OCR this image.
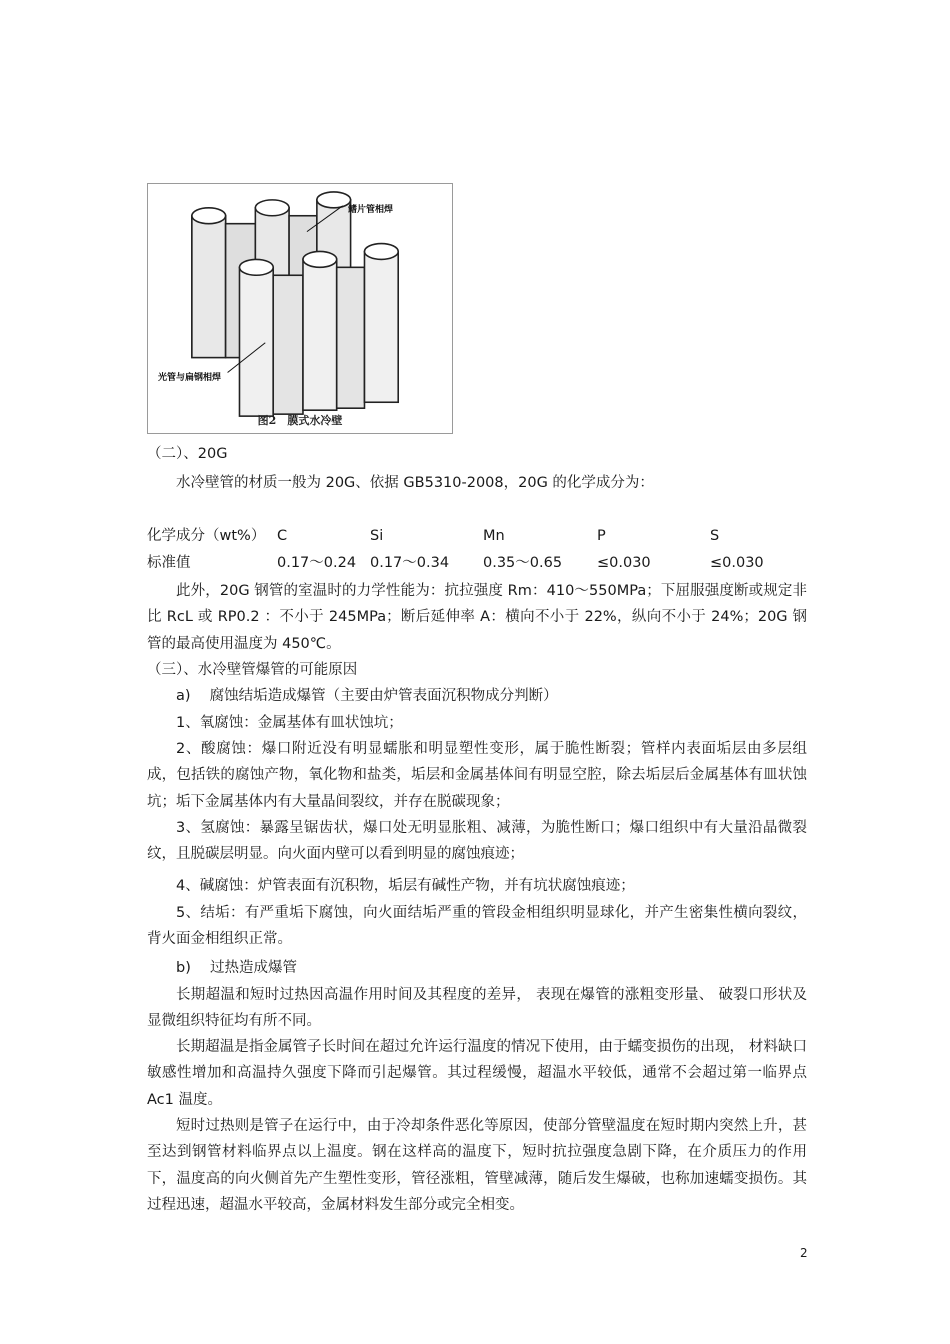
鳍片管相焊
光管与扁钢相焊
图2　膜式水冷壁
（二）、20G
水冷壁管的材质一般为 20G、依据 GB5310-2008，20G 的化学成分为：
化学成分（wt%） C	Si	Mn	P	S
标准值	0.17～0.24 0.17～0.34 0.35～0.65 ≤0.030	≤0.030
此外，20G 钢管的室温时的力学性能为：抗拉强度 Rm：410～550MPa；下屈服强度断或规定非比 RcL 或 RP0.2 ：不小于 245MPa；断后延伸率 A：横向不小于 22%，纵向不小于 24%；20G 钢管的最高使用温度为 450℃。
（三）、水冷壁管爆管的可能原因
a)　 腐蚀结垢造成爆管（主要由炉管表面沉积物成分判断）
1、氧腐蚀：金属基体有皿状蚀坑；
2、酸腐蚀：爆口附近没有明显蠕胀和明显塑性变形，属于脆性断裂；管样内表面垢层由多层组成，包括铁的腐蚀产物，氧化物和盐类，垢层和金属基体间有明显空腔，除去垢层后金属基体有皿状蚀坑；垢下金属基体内有大量晶间裂纹，并存在脱碳现象；
3、氢腐蚀：暴露呈锯齿状，爆口处无明显胀粗、减薄，为脆性断口；爆口组织中有大量沿晶微裂纹，且脱碳层明显。向火面内壁可以看到明显的腐蚀痕迹；
4、碱腐蚀：炉管表面有沉积物，垢层有碱性产物，并有坑状腐蚀痕迹；
5、结垢：有严重垢下腐蚀，向火面结垢严重的管段金相组织明显球化，并产生密集性横向裂纹，背火面金相组织正常。
b)　 过热造成爆管
长期超温和短时过热因高温作用时间及其程度的差异， 表现在爆管的涨粗变形量、 破裂口形状及显微组织特征均有所不同。
长期超温是指金属管子长时间在超过允许运行温度的情况下使用，由于蠕变损伤的出现， 材料缺口敏感性增加和高温持久强度下降而引起爆管。其过程缓慢，超温水平较低，通常不会超过第一临界点 Ac1 温度。
短时过热则是管子在运行中，由于冷却条件恶化等原因，使部分管壁温度在短时期内突然上升，甚至达到钢管材料临界点以上温度。钢在这样高的温度下，短时抗拉强度急剧下降，在介质压力的作用下，温度高的向火侧首先产生塑性变形，管径涨粗，管壁减薄，随后发生爆破，也称加速蠕变损伤。其过程迅速，超温水平较高，金属材料发生部分或完全相变。
2
